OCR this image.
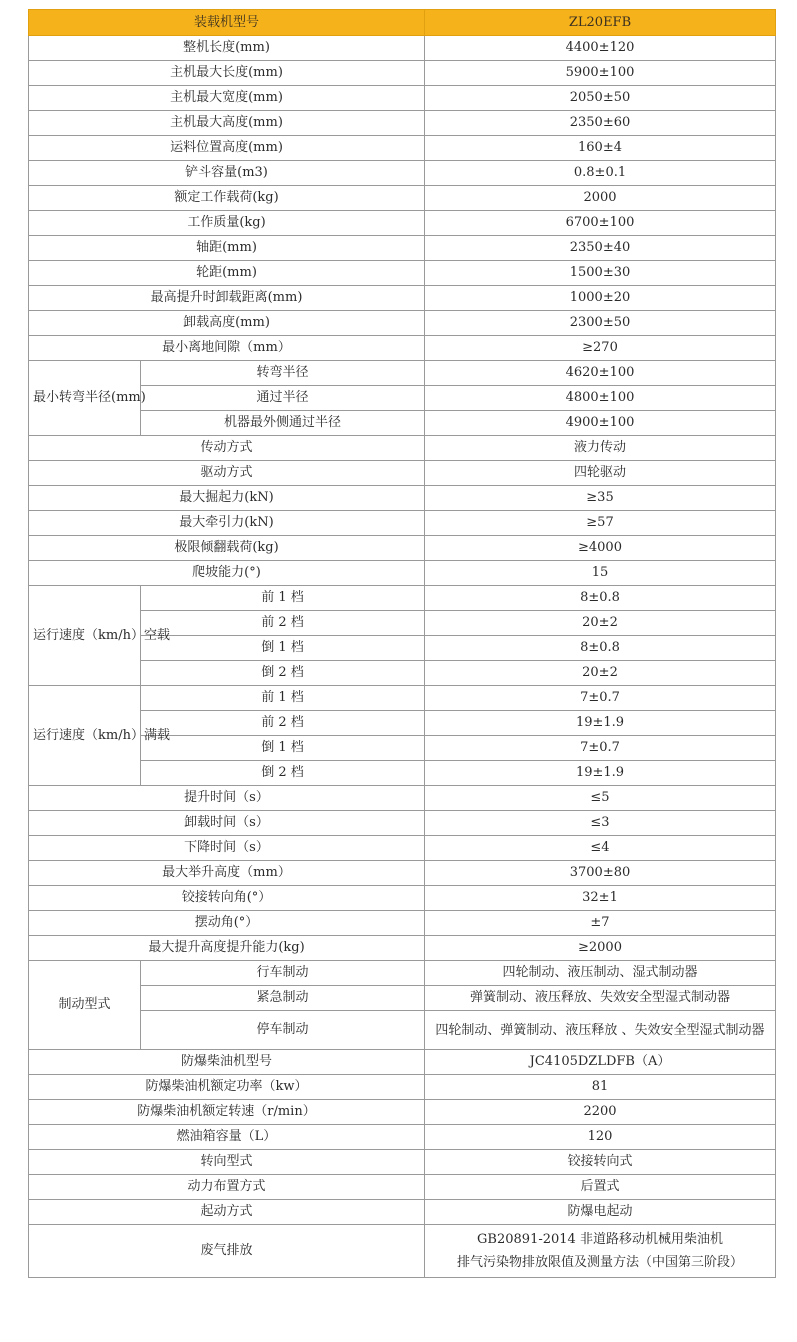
装载机型号		ZL20EFB
整机长度(mm)		4400±120
主机最大长度(mm)		5900±100
主机最大宽度(mm)		2050±50
主机最大高度(mm)		2350±60
运料位置高度(mm)		160±4
铲斗容量(m3)		0.8±0.1
额定工作载荷(kg)		2000
工作质量(kg)		6700±100
轴距(mm)		2350±40
轮距(mm)		1500±30
最高提升时卸载距离(mm)		1000±20
卸载高度(mm)		2300±50
最小离地间隙（mm）		≥270
最小转弯半径(mm)	转弯半径	4620±100
	通过半径	4800±100
	机器最外侧通过半径	4900±100
传动方式		液力传动
驱动方式		四轮驱动
最大掘起力(kN)		≥35
最大牵引力(kN)		≥57
极限倾翻载荷(kg)		≥4000
爬坡能力(°)		15
运行速度（km/h）空载	前 1 档	8±0.8
	前 2 档	20±2
	倒 1 档	8±0.8
	倒 2 档	20±2
运行速度（km/h）满载	前 1 档	7±0.7
	前 2 档	19±1.9
	倒 1 档	7±0.7
	倒 2 档	19±1.9
提升时间（s）		≤5
卸载时间（s）		≤3
下降时间（s）		≤4
最大举升高度（mm）		3700±80
铰接转向角(°）		32±1
摆动角(°）		±7
最大提升高度提升能力(kg)		≥2000
制动型式	行车制动	四轮制动、液压制动、湿式制动器
	紧急制动	弹簧制动、液压释放、失效安全型湿式制动器
	停车制动	四轮制动、弹簧制动、液压释放 、失效安全型湿式制动器
防爆柴油机型号		JC4105DZLDFB（A）
防爆柴油机额定功率（kw）		81
防爆柴油机额定转速（r/min）		2200
燃油箱容量（L）		120
转向型式		铰接转向式
动力布置方式		后置式
起动方式		防爆电起动
废气排放		GB20891-2014 非道路移动机械用柴油机
排气污染物排放限值及测量方法（中国第三阶段）
